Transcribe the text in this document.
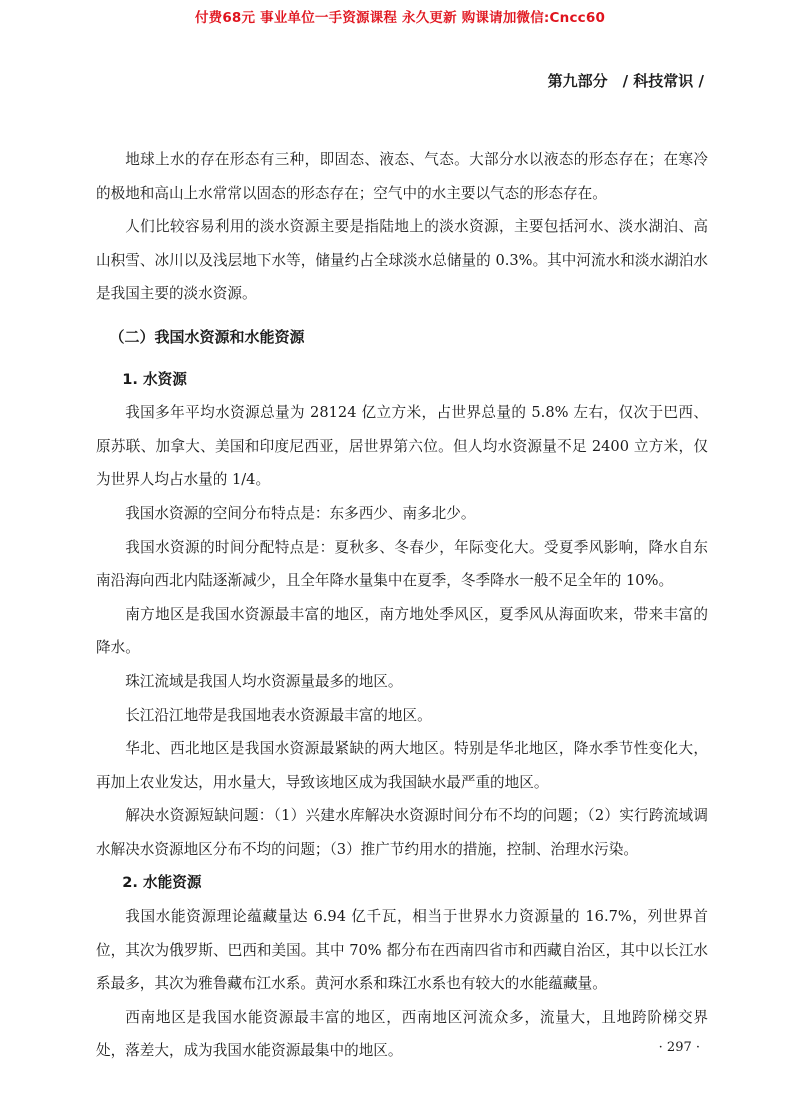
付费68元 事业单位一手资源课程 永久更新 购课请加微信:Cncc60
第九部分　/ 科技常识 /

地球上水的存在形态有三种，即固态、液态、气态。大部分水以液态的形态存在；在寒冷的极地和高山上水常常以固态的形态存在；空气中的水主要以气态的形态存在。

人们比较容易利用的淡水资源主要是指陆地上的淡水资源，主要包括河水、淡水湖泊、高山积雪、冰川以及浅层地下水等，储量约占全球淡水总储量的 0.3%。其中河流水和淡水湖泊水是我国主要的淡水资源。

（二）我国水资源和水能资源

1. 水资源

我国多年平均水资源总量为 28124 亿立方米，占世界总量的 5.8% 左右，仅次于巴西、原苏联、加拿大、美国和印度尼西亚，居世界第六位。但人均水资源量不足 2400 立方米，仅为世界人均占水量的 1/4。

我国水资源的空间分布特点是：东多西少、南多北少。

我国水资源的时间分配特点是：夏秋多、冬春少，年际变化大。受夏季风影响，降水自东南沿海向西北内陆逐渐减少，且全年降水量集中在夏季，冬季降水一般不足全年的 10%。

南方地区是我国水资源最丰富的地区，南方地处季风区，夏季风从海面吹来，带来丰富的降水。

珠江流域是我国人均水资源量最多的地区。

长江沿江地带是我国地表水资源最丰富的地区。

华北、西北地区是我国水资源最紧缺的两大地区。特别是华北地区，降水季节性变化大，再加上农业发达，用水量大，导致该地区成为我国缺水最严重的地区。

解决水资源短缺问题：（1）兴建水库解决水资源时间分布不均的问题；（2）实行跨流域调水解决水资源地区分布不均的问题；（3）推广节约用水的措施，控制、治理水污染。

2. 水能资源

我国水能资源理论蕴藏量达 6.94 亿千瓦，相当于世界水力资源量的 16.7%，列世界首位，其次为俄罗斯、巴西和美国。其中 70% 都分布在西南四省市和西藏自治区，其中以长江水系最多，其次为雅鲁藏布江水系。黄河水系和珠江水系也有较大的水能蕴藏量。

西南地区是我国水能资源最丰富的地区，西南地区河流众多，流量大，且地跨阶梯交界处，落差大，成为我国水能资源最集中的地区。	· 297 ·
